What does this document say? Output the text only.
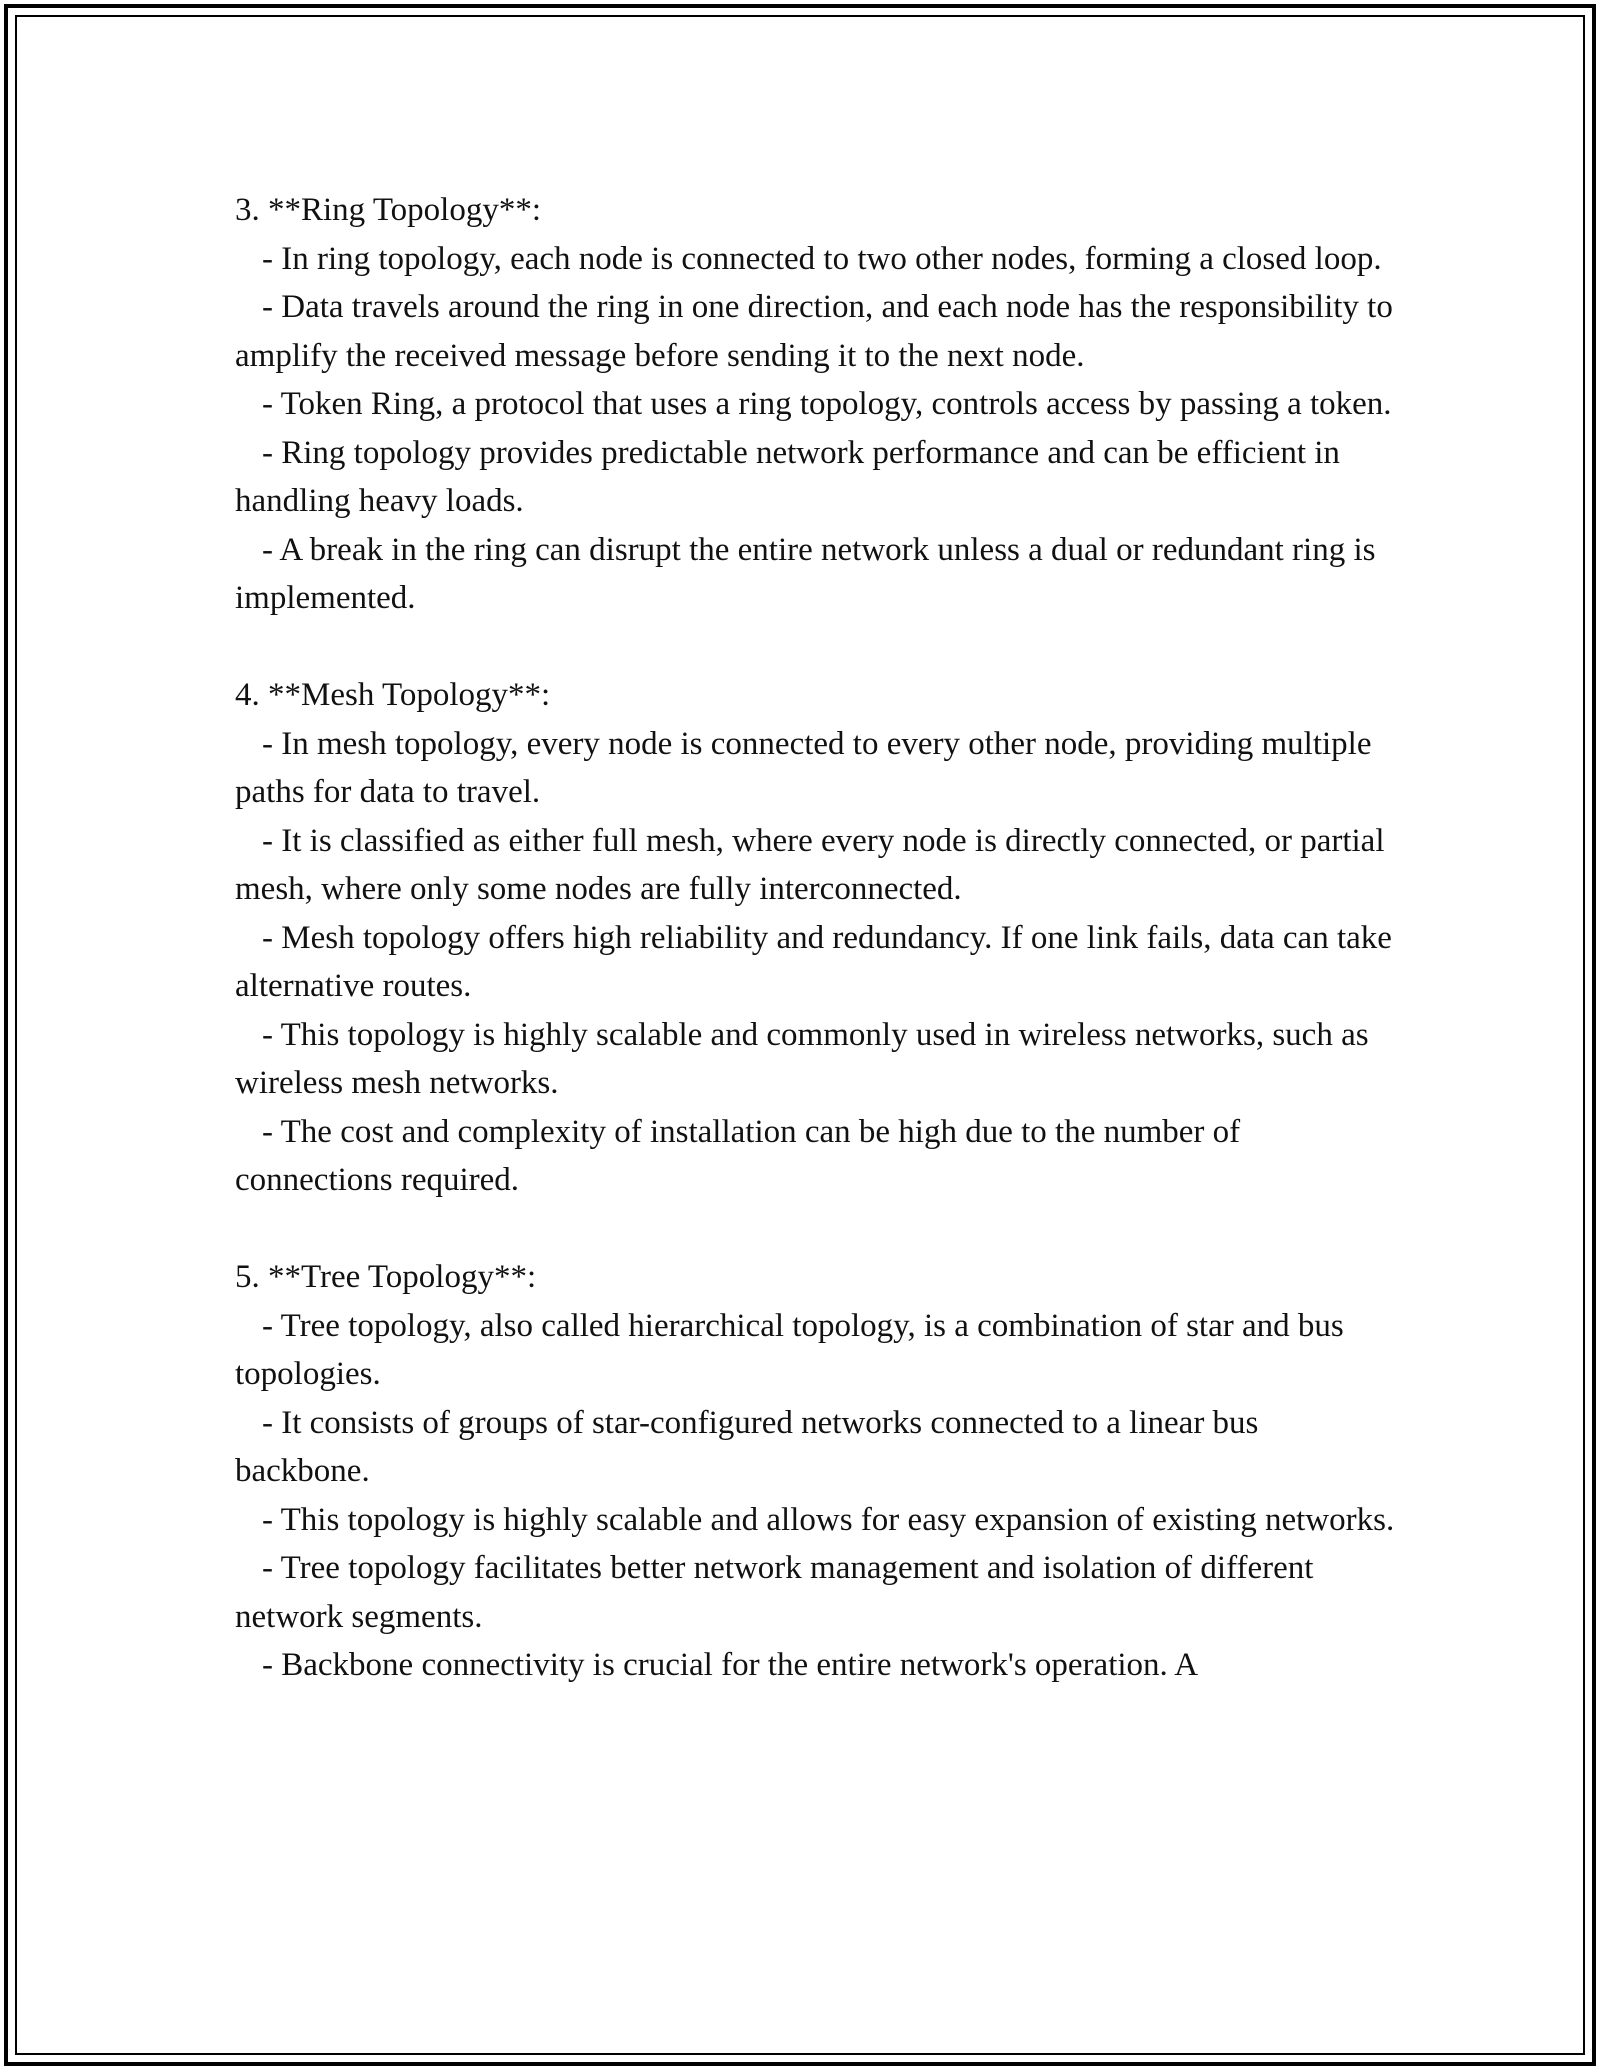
3. **Ring Topology**:
- In ring topology, each node is connected to two other nodes, forming a closed loop.
- Data travels around the ring in one direction, and each node has the responsibility to amplify the received message before sending it to the next node.
- Token Ring, a protocol that uses a ring topology, controls access by passing a token.
- Ring topology provides predictable network performance and can be efficient in handling heavy loads.
- A break in the ring can disrupt the entire network unless a dual or redundant ring is implemented.
4. **Mesh Topology**:
- In mesh topology, every node is connected to every other node, providing multiple paths for data to travel.
- It is classified as either full mesh, where every node is directly connected, or partial mesh, where only some nodes are fully interconnected.
- Mesh topology offers high reliability and redundancy. If one link fails, data can take alternative routes.
- This topology is highly scalable and commonly used in wireless networks, such as wireless mesh networks.
- The cost and complexity of installation can be high due to the number of connections required.
5. **Tree Topology**:
- Tree topology, also called hierarchical topology, is a combination of star and bus topologies.
- It consists of groups of star-configured networks connected to a linear bus backbone.
- This topology is highly scalable and allows for easy expansion of existing networks.
- Tree topology facilitates better network management and isolation of different network segments.
- Backbone connectivity is crucial for the entire network's operation. A
